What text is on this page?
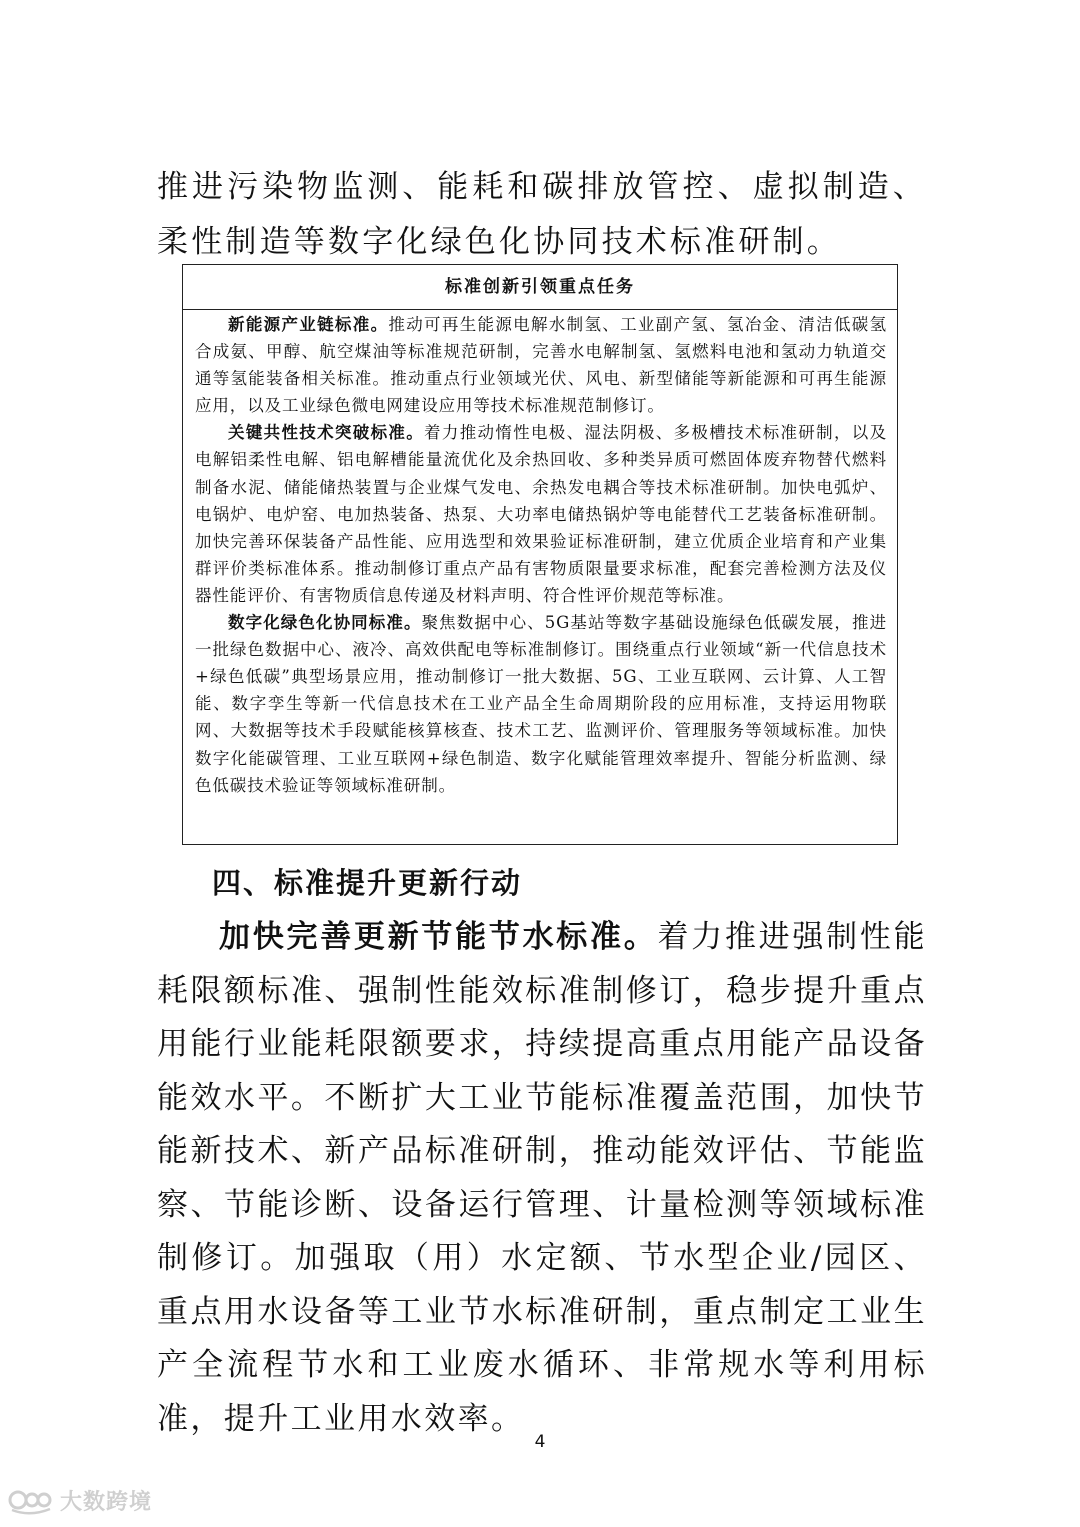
推进污染物监测、能耗和碳排放管控、虚拟制造、柔性制造等数字化绿色化协同技术标准研制。

标准创新引领重点任务

新能源产业链标准。推动可再生能源电解水制氢、工业副产氢、氢冶金、清洁低碳氢合成氨、甲醇、航空煤油等标准规范研制，完善水电解制氢、氢燃料电池和氢动力轨道交通等氢能装备相关标准。推动重点行业领域光伏、风电、新型储能等新能源和可再生能源应用，以及工业绿色微电网建设应用等技术标准规范制修订。

关键共性技术突破标准。着力推动惰性电极、湿法阴极、多极槽技术标准研制，以及电解铝柔性电解、铝电解槽能量流优化及余热回收、多种类异质可燃固体废弃物替代燃料制备水泥、储能储热装置与企业煤气发电、余热发电耦合等技术标准研制。加快电弧炉、电锅炉、电炉窑、电加热装备、热泵、大功率电储热锅炉等电能替代工艺装备标准研制。加快完善环保装备产品性能、应用选型和效果验证标准研制，建立优质企业培育和产业集群评价类标准体系。推动制修订重点产品有害物质限量要求标准，配套完善检测方法及仪器性能评价、有害物质信息传递及材料声明、符合性评价规范等标准。

数字化绿色化协同标准。聚焦数据中心、5G基站等数字基础设施绿色低碳发展，推进一批绿色数据中心、液冷、高效供配电等标准制修订。围绕重点行业领域“新一代信息技术+绿色低碳”典型场景应用，推动制修订一批大数据、5G、工业互联网、云计算、人工智能、数字孪生等新一代信息技术在工业产品全生命周期阶段的应用标准，支持运用物联网、大数据等技术手段赋能核算核查、技术工艺、监测评价、管理服务等领域标准。加快数字化能碳管理、工业互联网+绿色制造、数字化赋能管理效率提升、智能分析监测、绿色低碳技术验证等领域标准研制。

四、标准提升更新行动

加快完善更新节能节水标准。着力推进强制性能耗限额标准、强制性能效标准制修订，稳步提升重点用能行业能耗限额要求，持续提高重点用能产品设备能效水平。不断扩大工业节能标准覆盖范围，加快节能新技术、新产品标准研制，推动能效评估、节能监察、节能诊断、设备运行管理、计量检测等领域标准制修订。加强取（用）水定额、节水型企业/园区、重点用水设备等工业节水标准研制，重点制定工业生产全流程节水和工业废水循环、非常规水等利用标准，提升工业用水效率。

4
大数跨境
